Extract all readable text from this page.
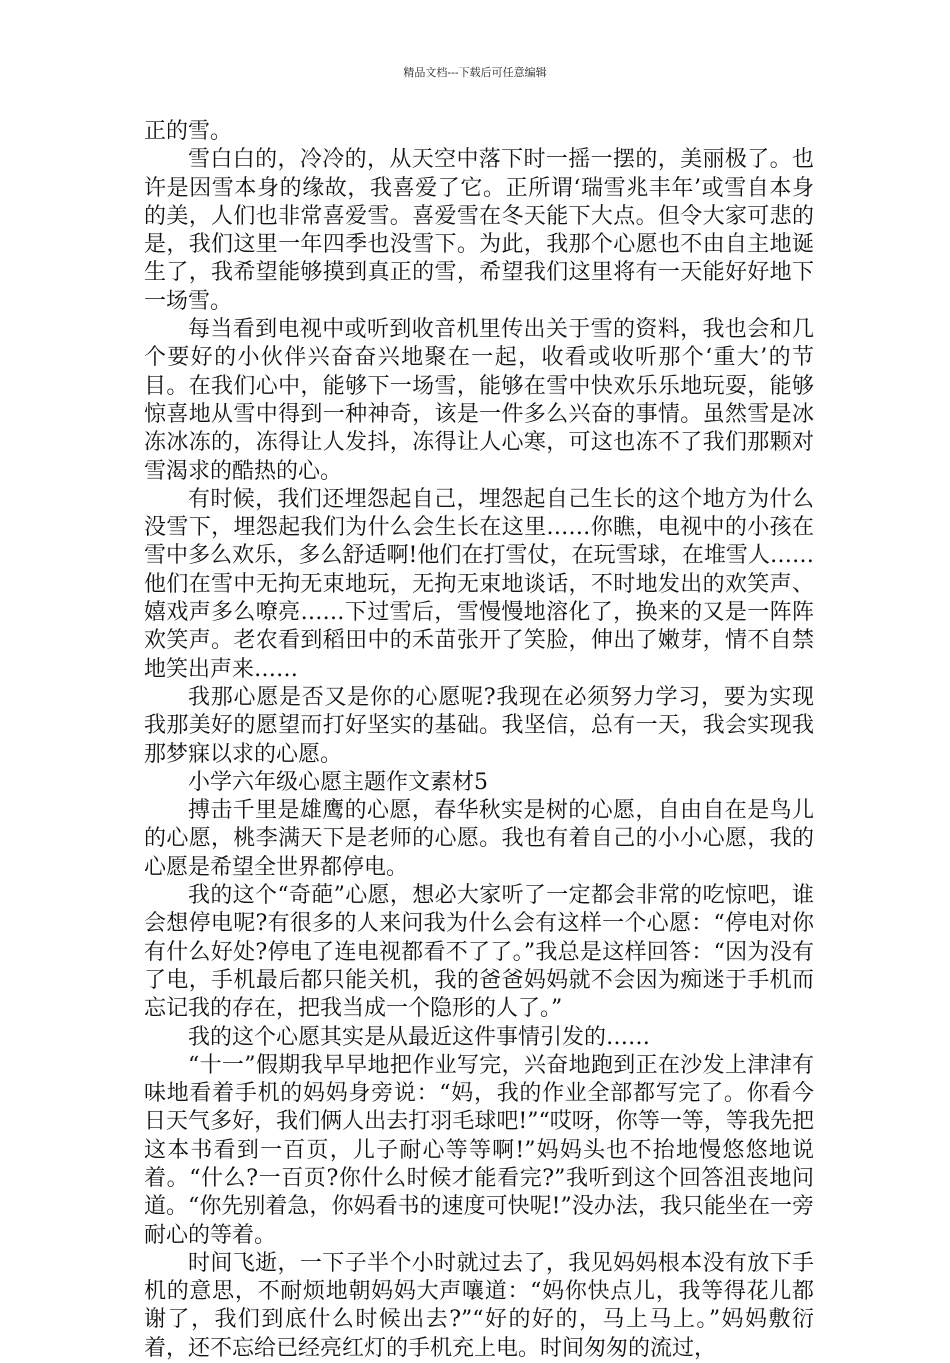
精品文档---下载后可任意编辑

正的雪。

雪白白的，冷冷的，从天空中落下时一摇一摆的，美丽极了。也许是因雪本身的缘故，我喜爱了它。正所谓‘瑞雪兆丰年’或雪自本身的美，人们也非常喜爱雪。喜爱雪在冬天能下大点。但令大家可悲的是，我们这里一年四季也没雪下。为此，我那个心愿也不由自主地诞生了，我希望能够摸到真正的雪，希望我们这里将有一天能好好地下一场雪。

每当看到电视中或听到收音机里传出关于雪的资料，我也会和几个要好的小伙伴兴奋奋兴地聚在一起，收看或收听那个‘重大’的节目。在我们心中，能够下一场雪，能够在雪中快欢乐乐地玩耍，能够惊喜地从雪中得到一种神奇，该是一件多么兴奋的事情。虽然雪是冰冻冰冻的，冻得让人发抖，冻得让人心寒，可这也冻不了我们那颗对雪渴求的酷热的心。

有时候，我们还埋怨起自己，埋怨起自己生长的这个地方为什么没雪下，埋怨起我们为什么会生长在这里……你瞧，电视中的小孩在雪中多么欢乐，多么舒适啊!他们在打雪仗，在玩雪球，在堆雪人……他们在雪中无拘无束地玩，无拘无束地谈话，不时地发出的欢笑声、嬉戏声多么嘹亮……下过雪后，雪慢慢地溶化了，换来的又是一阵阵欢笑声。老农看到稻田中的禾苗张开了笑脸，伸出了嫩芽，情不自禁地笑出声来……

我那心愿是否又是你的心愿呢?我现在必须努力学习，要为实现我那美好的愿望而打好坚实的基础。我坚信，总有一天，我会实现我那梦寐以求的心愿。

小学六年级心愿主题作文素材5

搏击千里是雄鹰的心愿，春华秋实是树的心愿，自由自在是鸟儿的心愿，桃李满天下是老师的心愿。我也有着自己的小小心愿，我的心愿是希望全世界都停电。

我的这个“奇葩”心愿，想必大家听了一定都会非常的吃惊吧，谁会想停电呢?有很多的人来问我为什么会有这样一个心愿：“停电对你有什么好处?停电了连电视都看不了了。”我总是这样回答：“因为没有了电，手机最后都只能关机，我的爸爸妈妈就不会因为痴迷于手机而忘记我的存在，把我当成一个隐形的人了。”

我的这个心愿其实是从最近这件事情引发的……

“十一”假期我早早地把作业写完，兴奋地跑到正在沙发上津津有味地看着手机的妈妈身旁说：“妈，我的作业全部都写完了。你看今日天气多好，我们俩人出去打羽毛球吧!”“哎呀，你等一等，等我先把这本书看到一百页，儿子耐心等等啊!”妈妈头也不抬地慢悠悠地说着。“什么?一百页?你什么时候才能看完?”我听到这个回答沮丧地问道。“你先别着急，你妈看书的速度可快呢!”没办法，我只能坐在一旁耐心的等着。

时间飞逝，一下子半个小时就过去了，我见妈妈根本没有放下手机的意思，不耐烦地朝妈妈大声嚷道：“妈你快点儿，我等得花儿都谢了，我们到底什么时候出去?”“好的好的，马上马上。”妈妈敷衍着，还不忘给已经亮红灯的手机充上电。时间匆匆的流过，
